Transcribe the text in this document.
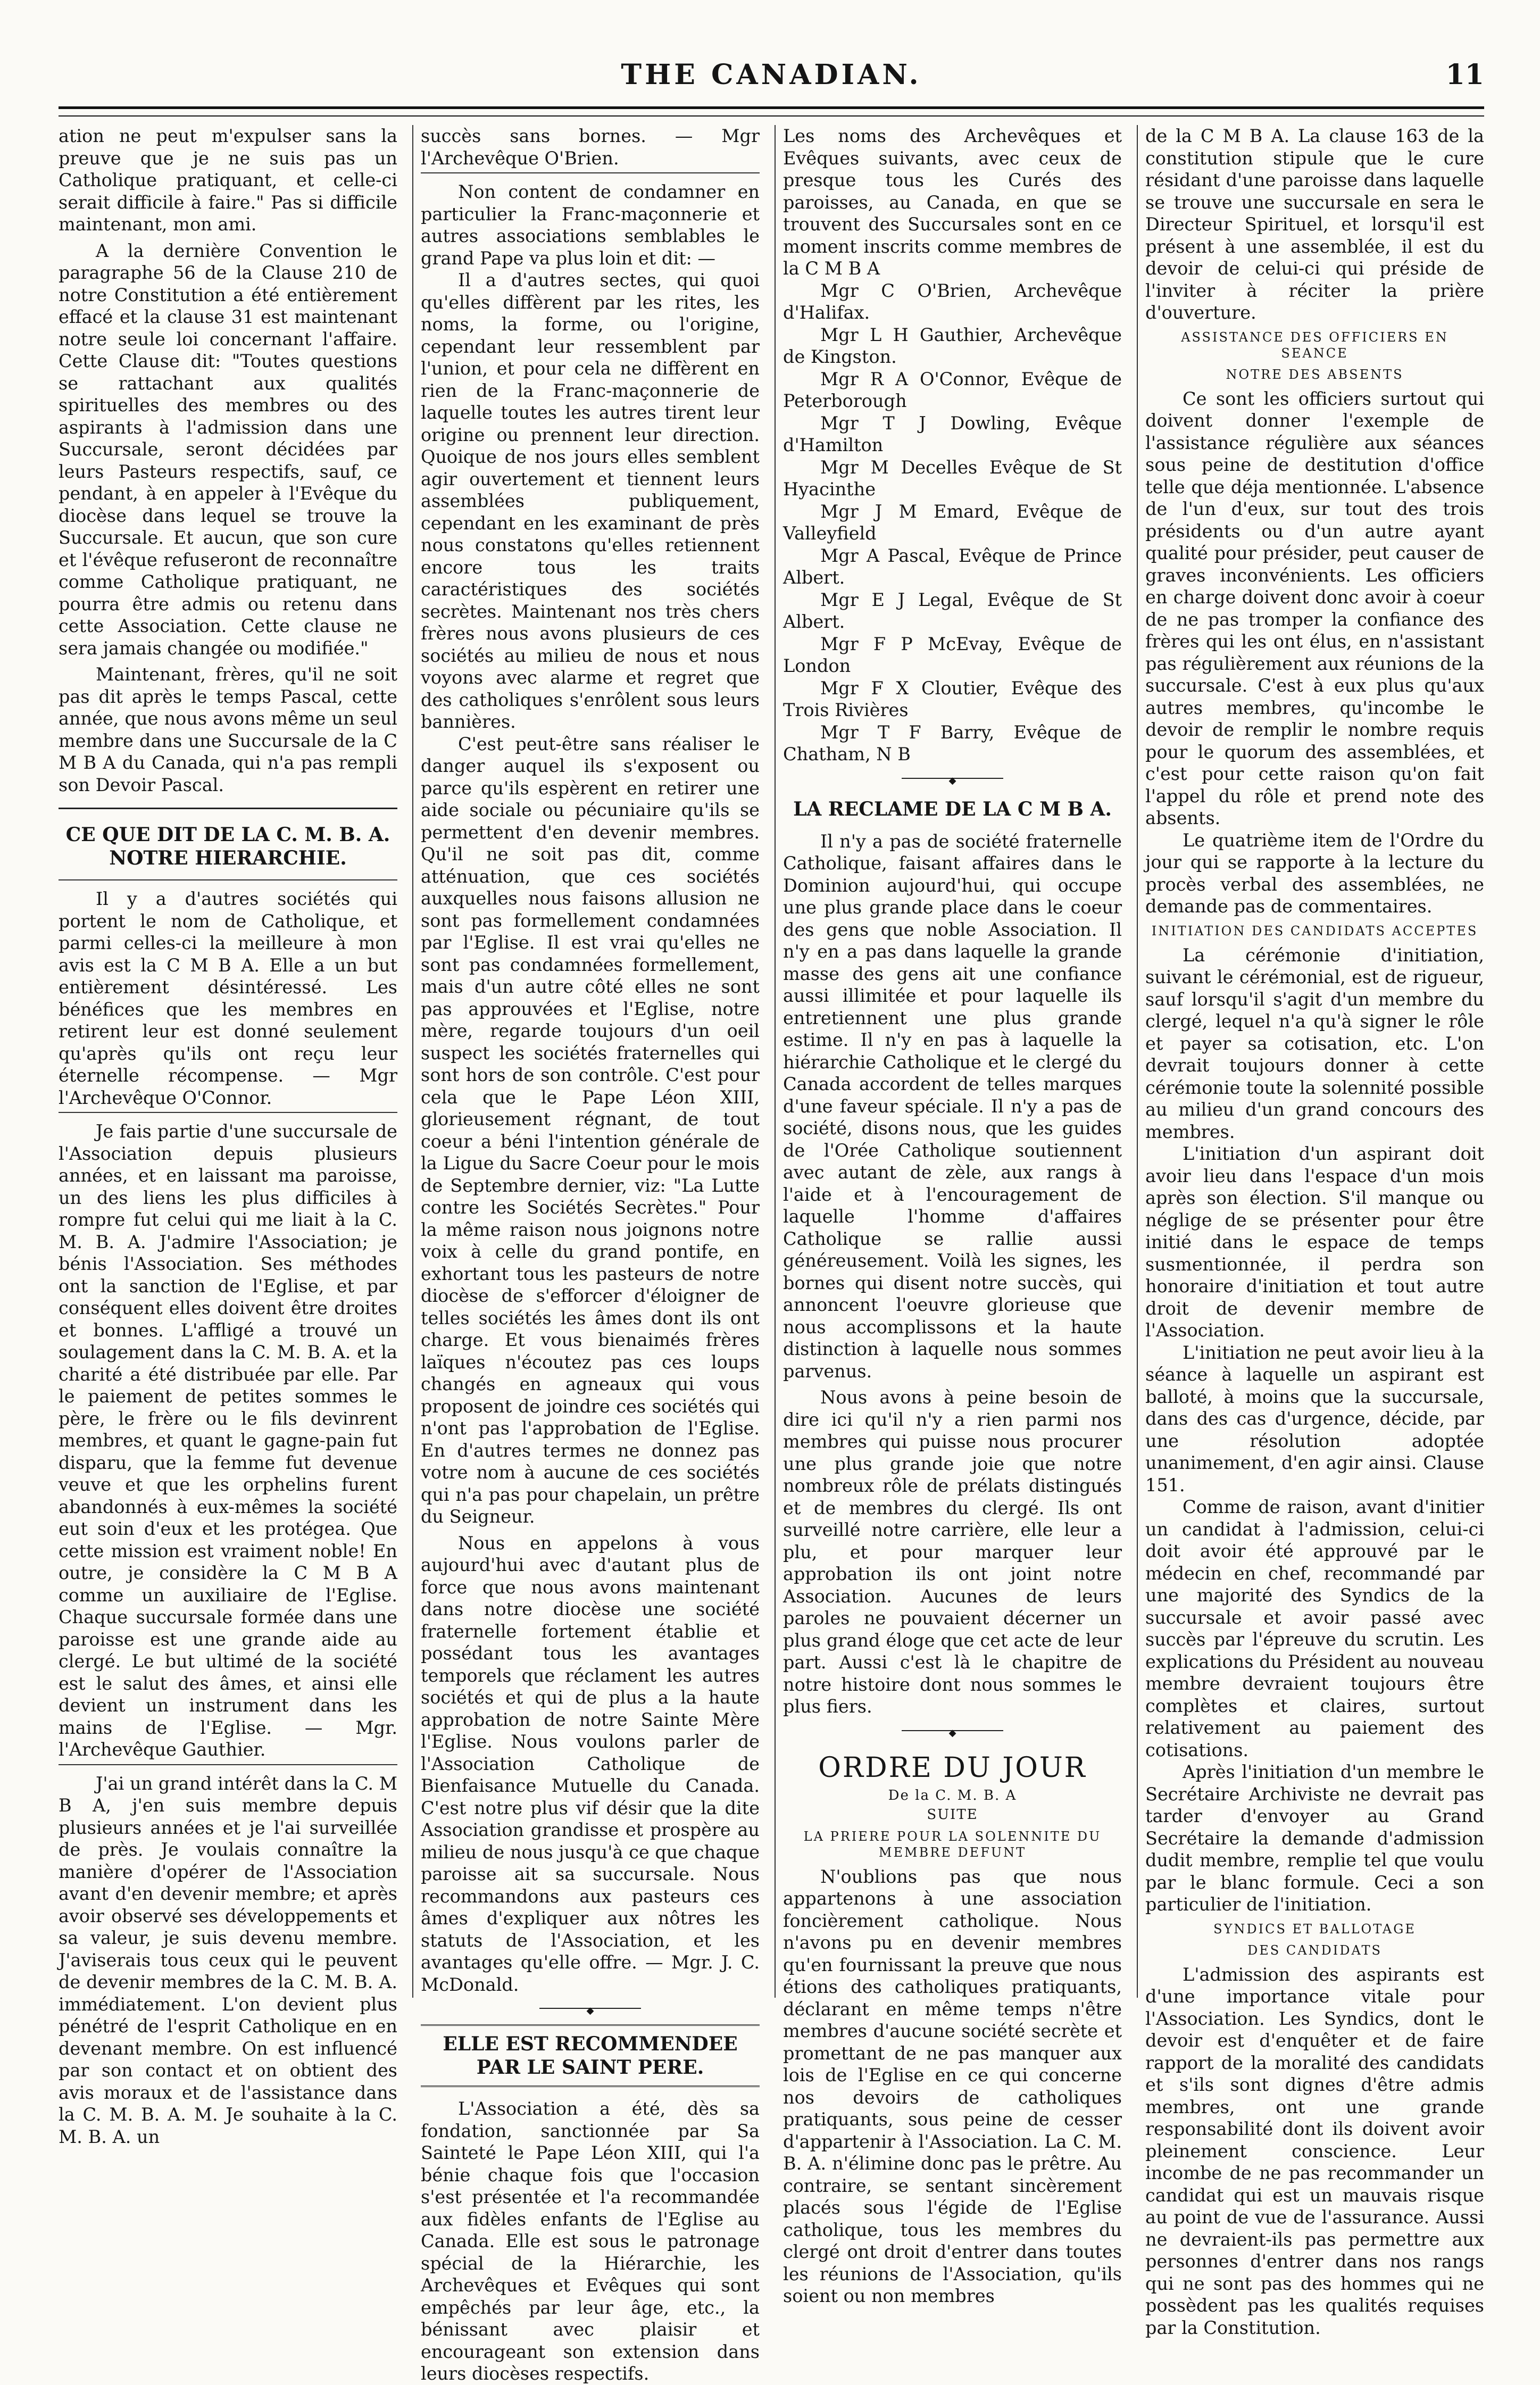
THE CANADIAN.	11

ation ne peut m'expulser sans la preuve que je ne suis pas un Catholique pratiquant, et celle-ci serait difficile à faire." Pas si difficile maintenant, mon ami.

A la dernière Convention le paragraphe 56 de la Clause 210 de notre Constitution a été entièrement effacé et la clause 31 est maintenant notre seule loi concernant l'affaire. Cette Clause dit: "Toutes questions se rattachant aux qualités spirituelles des membres ou des aspirants à l'admission dans une Succursale, seront décidées par leurs Pasteurs respectifs, sauf, ce pendant, à en appeler à l'Evêque du diocèse dans lequel se trouve la Succursale. Et aucun, que son cure et l'évêque refuseront de reconnaître comme Catholique pratiquant, ne pourra être admis ou retenu dans cette Association. Cette clause ne sera jamais changée ou modifiée."

Maintenant, frères, qu'il ne soit pas dit après le temps Pascal, cette année, que nous avons même un seul membre dans une Succursale de la C M B A du Canada, qui n'a pas rempli son Devoir Pascal.

CE QUE DIT DE LA C. M. B. A. NOTRE HIERARCHIE.

Il y a d'autres sociétés qui portent le nom de Catholique, et parmi celles-ci la meilleure à mon avis est la C M B A. Elle a un but entièrement désintéressé. Les bénéfices que les membres en retirent leur est donné seulement qu'après qu'ils ont reçu leur éternelle récompense. — Mgr l'Archevêque O'Connor.

Je fais partie d'une succursale de l'Association depuis plusieurs années, et en laissant ma paroisse, un des liens les plus difficiles à rompre fut celui qui me liait à la C. M. B. A. J'admire l'Association; je bénis l'Association. Ses méthodes ont la sanction de l'Eglise, et par conséquent elles doivent être droites et bonnes. L'affligé a trouvé un soulagement dans la C. M. B. A. et la charité a été distribuée par elle. Par le paiement de petites sommes le père, le frère ou le fils devinrent membres, et quant le gagne-pain fut disparu, que la femme fut devenue veuve et que les orphelins furent abandonnés à eux-mêmes la société eut soin d'eux et les protégea. Que cette mission est vraiment noble! En outre, je considère la C M B A comme un auxiliaire de l'Eglise. Chaque succursale formée dans une paroisse est une grande aide au clergé. Le but ultimé de la société est le salut des âmes, et ainsi elle devient un instrument dans les mains de l'Eglise. — Mgr. l'Archevêque Gauthier.

J'ai un grand intérêt dans la C. M B A, j'en suis membre depuis plusieurs années et je l'ai surveillée de près. Je voulais connaître la manière d'opérer de l'Association avant d'en devenir membre; et après avoir observé ses développements et sa valeur, je suis devenu membre. J'aviserais tous ceux qui le peuvent de devenir membres de la C. M. B. A. immédiatement. L'on devient plus pénétré de l'esprit Catholique en en devenant membre. On est influencé par son contact et on obtient des avis moraux et de l'assistance dans la C. M. B. A. M. Je souhaite à la C. M. B. A. un

succès sans bornes. — Mgr l'Archevêque O'Brien.

Non content de condamner en particulier la Franc-maçonnerie et autres associations semblables le grand Pape va plus loin et dit: —

Il a d'autres sectes, qui quoi qu'elles diffèrent par les rites, les noms, la forme, ou l'origine, cependant leur ressemblent par l'union, et pour cela ne diffèrent en rien de la Franc-maçonnerie de laquelle toutes les autres tirent leur origine ou prennent leur direction. Quoique de nos jours elles semblent agir ouvertement et tiennent leurs assemblées publiquement, cependant en les examinant de près nous constatons qu'elles retiennent encore tous les traits caractéristiques des sociétés secrètes. Maintenant nos très chers frères nous avons plusieurs de ces sociétés au milieu de nous et nous voyons avec alarme et regret que des catholiques s'enrôlent sous leurs bannières.

C'est peut-être sans réaliser le danger auquel ils s'exposent ou parce qu'ils espèrent en retirer une aide sociale ou pécuniaire qu'ils se permettent d'en devenir membres. Qu'il ne soit pas dit, comme atténuation, que ces sociétés auxquelles nous faisons allusion ne sont pas formellement condamnées par l'Eglise. Il est vrai qu'elles ne sont pas condamnées formellement, mais d'un autre côté elles ne sont pas approuvées et l'Eglise, notre mère, regarde toujours d'un oeil suspect les sociétés fraternelles qui sont hors de son contrôle. C'est pour cela que le Pape Léon XIII, glorieusement régnant, de tout coeur a béni l'intention générale de la Ligue du Sacre Coeur pour le mois de Septembre dernier, viz: "La Lutte contre les Sociétés Secrètes." Pour la même raison nous joignons notre voix à celle du grand pontife, en exhortant tous les pasteurs de notre diocèse de s'efforcer d'éloigner de telles sociétés les âmes dont ils ont charge. Et vous bienaimés frères laïques n'écoutez pas ces loups changés en agneaux qui vous proposent de joindre ces sociétés qui n'ont pas l'approbation de l'Eglise. En d'autres termes ne donnez pas votre nom à aucune de ces sociétés qui n'a pas pour chapelain, un prêtre du Seigneur.

Nous en appelons à vous aujourd'hui avec d'autant plus de force que nous avons maintenant dans notre diocèse une société fraternelle fortement établie et possédant tous les avantages temporels que réclament les autres sociétés et qui de plus a la haute approbation de notre Sainte Mère l'Eglise. Nous voulons parler de l'Association Catholique de Bienfaisance Mutuelle du Canada. C'est notre plus vif désir que la dite Association grandisse et prospère au milieu de nous jusqu'à ce que chaque paroisse ait sa succursale. Nous recommandons aux pasteurs ces âmes d'expliquer aux nôtres les statuts de l'Association, et les avantages qu'elle offre. — Mgr. J. C. McDonald.

◆
ELLE EST RECOMMENDEE PAR LE SAINT PERE.

L'Association a été, dès sa fondation, sanctionnée par Sa Sainteté le Pape Léon XIII, qui l'a bénie chaque fois que l'occasion s'est présentée et l'a recommandée aux fidèles enfants de l'Eglise au Canada. Elle est sous le patronage spécial de la Hiérarchie, les Archevêques et Evêques qui sont empêchés par leur âge, etc., la bénissant avec plaisir et encourageant son extension dans leurs diocèses respectifs.

Les noms des Archevêques et Evêques suivants, avec ceux de presque tous les Curés des paroisses, au Canada, en que se trouvent des Succursales sont en ce moment inscrits comme membres de la C M B A

Mgr C O'Brien, Archevêque d'Halifax.

Mgr L H Gauthier, Archevêque de Kingston.

Mgr R A O'Connor, Evêque de Peterborough

Mgr T J Dowling, Evêque d'Hamilton

Mgr M Decelles Evêque de St Hyacinthe

Mgr J M Emard, Evêque de Valleyfield

Mgr A Pascal, Evêque de Prince Albert.

Mgr E J Legal, Evêque de St Albert.

Mgr F P McEvay, Evêque de London

Mgr F X Cloutier, Evêque des Trois Rivières

Mgr T F Barry, Evêque de Chatham, N B

◆
LA RECLAME DE LA C M B A.

Il n'y a pas de société fraternelle Catholique, faisant affaires dans le Dominion aujourd'hui, qui occupe une plus grande place dans le coeur des gens que noble Association. Il n'y en a pas dans laquelle la grande masse des gens ait une confiance aussi illimitée et pour laquelle ils entretiennent une plus grande estime. Il n'y en pas à laquelle la hiérarchie Catholique et le clergé du Canada accordent de telles marques d'une faveur spéciale. Il n'y a pas de société, disons nous, que les guides de l'Orée Catholique soutiennent avec autant de zèle, aux rangs à l'aide et à l'encouragement de laquelle l'homme d'affaires Catholique se rallie aussi généreusement. Voilà les signes, les bornes qui disent notre succès, qui annoncent l'oeuvre glorieuse que nous accomplissons et la haute distinction à laquelle nous sommes parvenus.

Nous avons à peine besoin de dire ici qu'il n'y a rien parmi nos membres qui puisse nous procurer une plus grande joie que notre nombreux rôle de prélats distingués et de membres du clergé. Ils ont surveillé notre carrière, elle leur a plu, et pour marquer leur approbation ils ont joint notre Association. Aucunes de leurs paroles ne pouvaient décerner un plus grand éloge que cet acte de leur part. Aussi c'est là le chapitre de notre histoire dont nous sommes le plus fiers.

◆
ORDRE DU JOUR
De la C. M. B. A
SUITE
LA PRIERE POUR LA SOLENNITE DU MEMBRE DEFUNT

N'oublions pas que nous appartenons à une association foncièrement catholique. Nous n'avons pu en devenir membres qu'en fournissant la preuve que nous étions des catholiques pratiquants, déclarant en même temps n'être membres d'aucune société secrète et promettant de ne pas manquer aux lois de l'Eglise en ce qui concerne nos devoirs de catholiques pratiquants, sous peine de cesser d'appartenir à l'Association. La C. M. B. A. n'élimine donc pas le prêtre. Au contraire, se sentant sincèrement placés sous l'égide de l'Eglise catholique, tous les membres du clergé ont droit d'entrer dans toutes les réunions de l'Association, qu'ils soient ou non membres

de la C M B A. La clause 163 de la constitution stipule que le cure résidant d'une paroisse dans laquelle se trouve une succursale en sera le Directeur Spirituel, et lorsqu'il est présent à une assemblée, il est du devoir de celui-ci qui préside de l'inviter à réciter la prière d'ouverture.

ASSISTANCE DES OFFICIERS EN SEANCE
NOTRE DES ABSENTS

Ce sont les officiers surtout qui doivent donner l'exemple de l'assistance régulière aux séances sous peine de destitution d'office telle que déja mentionnée. L'absence de l'un d'eux, sur tout des trois présidents ou d'un autre ayant qualité pour présider, peut causer de graves inconvénients. Les officiers en charge doivent donc avoir à coeur de ne pas tromper la confiance des frères qui les ont élus, en n'assistant pas régulièrement aux réunions de la succursale. C'est à eux plus qu'aux autres membres, qu'incombe le devoir de remplir le nombre requis pour le quorum des assemblées, et c'est pour cette raison qu'on fait l'appel du rôle et prend note des absents.

Le quatrième item de l'Ordre du jour qui se rapporte à la lecture du procès verbal des assemblées, ne demande pas de commentaires.

INITIATION DES CANDIDATS ACCEPTES

La cérémonie d'initiation, suivant le cérémonial, est de rigueur, sauf lorsqu'il s'agit d'un membre du clergé, lequel n'a qu'à signer le rôle et payer sa cotisation, etc. L'on devrait toujours donner à cette cérémonie toute la solennité possible au milieu d'un grand concours des membres.

L'initiation d'un aspirant doit avoir lieu dans l'espace d'un mois après son élection. S'il manque ou néglige de se présenter pour être initié dans le espace de temps susmentionnée, il perdra son honoraire d'initiation et tout autre droit de devenir membre de l'Association.

L'initiation ne peut avoir lieu à la séance à laquelle un aspirant est balloté, à moins que la succursale, dans des cas d'urgence, décide, par une résolution adoptée unanimement, d'en agir ainsi. Clause 151.

Comme de raison, avant d'initier un candidat à l'admission, celui-ci doit avoir été approuvé par le médecin en chef, recommandé par une majorité des Syndics de la succursale et avoir passé avec succès par l'épreuve du scrutin. Les explications du Président au nouveau membre devraient toujours être complètes et claires, surtout relativement au paiement des cotisations.

Après l'initiation d'un membre le Secrétaire Archiviste ne devrait pas tarder d'envoyer au Grand Secrétaire la demande d'admission dudit membre, remplie tel que voulu par le blanc formule. Ceci a son particulier de l'initiation.

SYNDICS ET BALLOTAGE
DES CANDIDATS

L'admission des aspirants est d'une importance vitale pour l'Association. Les Syndics, dont le devoir est d'enquêter et de faire rapport de la moralité des candidats et s'ils sont dignes d'être admis membres, ont une grande responsabilité dont ils doivent avoir pleinement conscience. Leur incombe de ne pas recommander un candidat qui est un mauvais risque au point de vue de l'assurance. Aussi ne devraient-ils pas permettre aux personnes d'entrer dans nos rangs qui ne sont pas des hommes qui ne possèdent pas les qualités requises par la Constitution.
